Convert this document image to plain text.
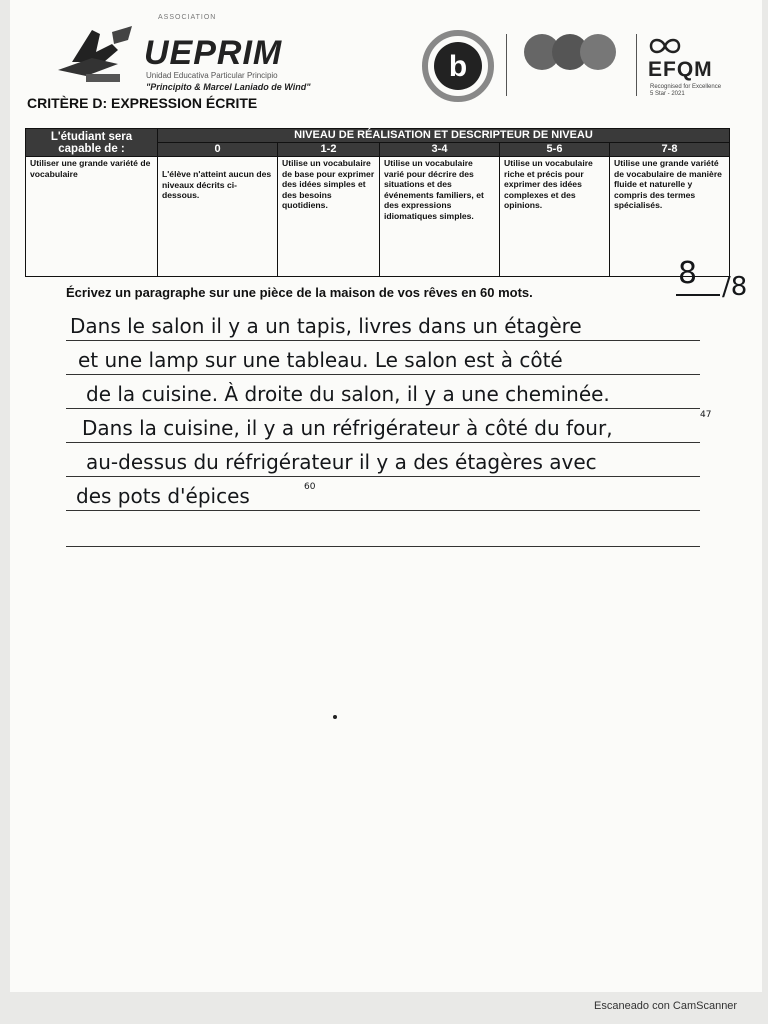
ASSOCIATION
UEPRIM
Unidad Educativa Particular Principio
"Principito & Marcel Laniado de Wind"
b	EFQM
Recognised for Excellence
5 Star - 2021
CRITÈRE D: EXPRESSION ÉCRITE
L'étudiant sera capable de :	NIVEAU DE RÉALISATION ET DESCRIPTEUR DE NIVEAU				
	0	1-2	3-4	5-6	7-8
Utiliser une grande variété de vocabulaire	L'élève n'atteint aucun des niveaux décrits ci-dessous.	Utilise un vocabulaire de base pour exprimer des idées simples et des besoins quotidiens.	Utilise un vocabulaire varié pour décrire des situations et des événements familiers, et des expressions idiomatiques simples.	Utilise un vocabulaire riche et précis pour exprimer des idées complexes et des opinions.	Utilise une grande variété de vocabulaire de manière fluide et naturelle y compris des termes spécialisés.
Écrivez un paragraphe sur une pièce de la maison de vos rêves en 60 mots.
8 /8
Dans le salon il y a un tapis, livres dans un étagère
et une lamp sur une tableau. Le salon est à côté
de la cuisine. À droite du salon, il y a une cheminée.
Dans la cuisine, il y a un réfrigérateur à côté du four,
47
au-dessus du réfrigérateur il y a des étagères avec
des pots d'épices	60
Escaneado con CamScanner
